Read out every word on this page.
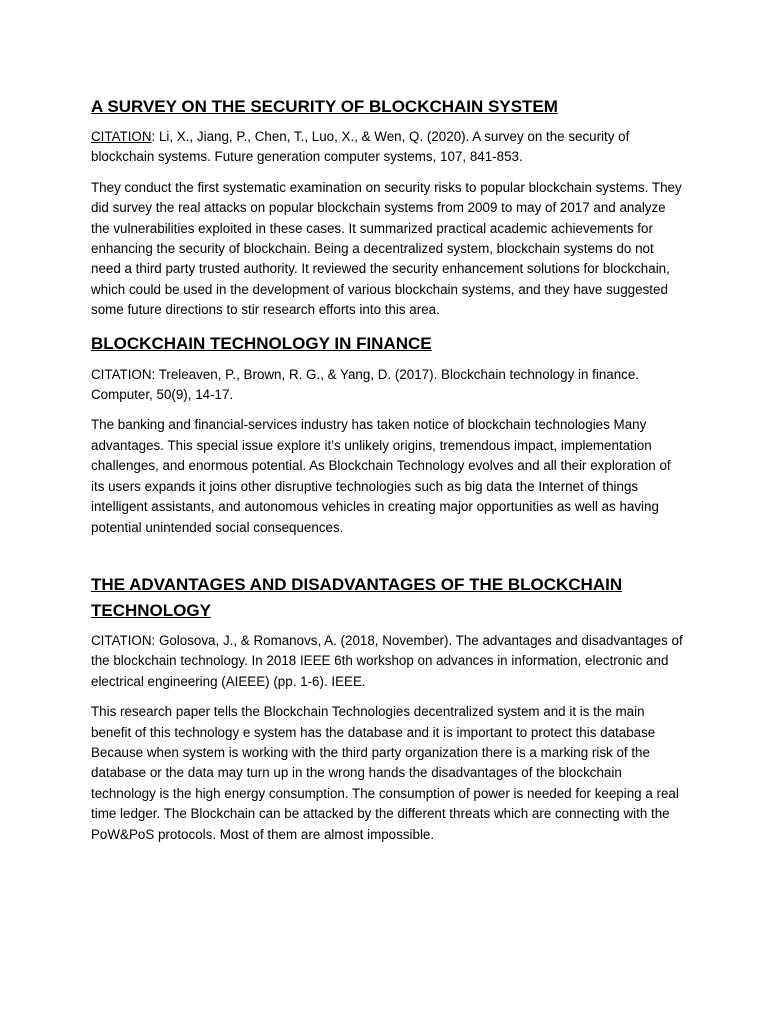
A SURVEY ON THE SECURITY OF BLOCKCHAIN SYSTEM

CITATION: Li, X., Jiang, P., Chen, T., Luo, X., & Wen, Q. (2020). A survey on the security of blockchain systems. Future generation computer systems, 107, 841-853.

They conduct the first systematic examination on security risks to popular blockchain systems. They did survey the real attacks on popular blockchain systems from 2009 to may of 2017 and analyze the vulnerabilities exploited in these cases. It summarized practical academic achievements for enhancing the security of blockchain. Being a decentralized system, blockchain systems do not need a third party trusted authority. It reviewed the security enhancement solutions for blockchain, which could be used in the development of various blockchain systems, and they have suggested some future directions to stir research efforts into this area.

BLOCKCHAIN TECHNOLOGY IN FINANCE

CITATION: Treleaven, P., Brown, R. G., & Yang, D. (2017). Blockchain technology in finance. Computer, 50(9), 14-17.

The banking and financial-services industry has taken notice of blockchain technologies Many advantages. This special issue explore it’s unlikely origins, tremendous impact, implementation challenges, and enormous potential. As Blockchain Technology evolves and all their exploration of its users expands it joins other disruptive technologies such as big data the Internet of things intelligent assistants, and autonomous vehicles in creating major opportunities as well as having potential unintended social consequences.

THE ADVANTAGES AND DISADVANTAGES OF THE BLOCKCHAIN TECHNOLOGY

CITATION: Golosova, J., & Romanovs, A. (2018, November). The advantages and disadvantages of the blockchain technology. In 2018 IEEE 6th workshop on advances in information, electronic and electrical engineering (AIEEE) (pp. 1-6). IEEE.

This research paper tells the Blockchain Technologies decentralized system and it is the main benefit of this technology e system has the database and it is important to protect this database Because when system is working with the third party organization there is a marking risk of the database or the data may turn up in the wrong hands the disadvantages of the blockchain technology is the high energy consumption. The consumption of power is needed for keeping a real time ledger. The Blockchain can be attacked by the different threats which are connecting with the PoW&PoS protocols. Most of them are almost impossible.
